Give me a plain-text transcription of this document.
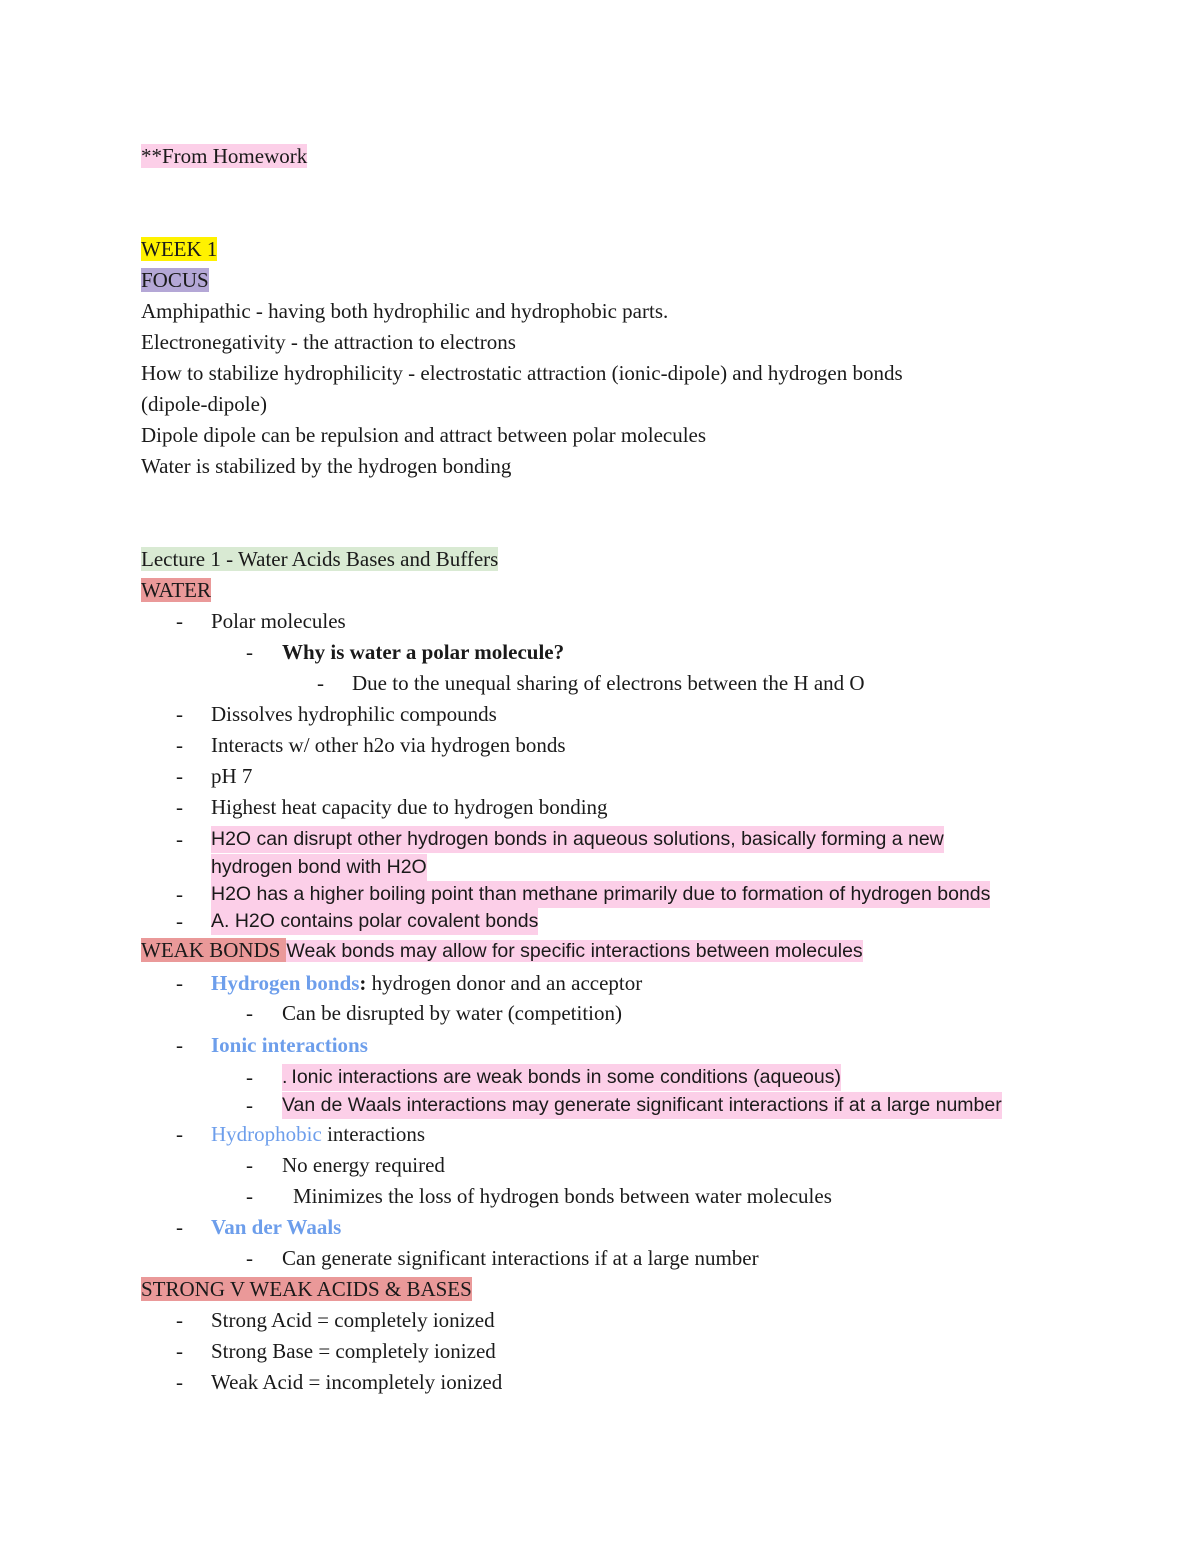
**From Homework
WEEK 1
FOCUS
Amphipathic - having both hydrophilic and hydrophobic parts.
Electronegativity - the attraction to electrons
How to stabilize hydrophilicity - electrostatic attraction (ionic-dipole) and hydrogen bonds
(dipole-dipole)
Dipole dipole can be repulsion and attract between polar molecules
Water is stabilized by the hydrogen bonding
Lecture 1 - Water Acids Bases and Buffers
WATER
- Polar molecules
- Why is water a polar molecule?
- Due to the unequal sharing of electrons between the H and O
- Dissolves hydrophilic compounds
- Interacts w/ other h2o via hydrogen bonds
- pH 7
- Highest heat capacity due to hydrogen bonding
- H2O can disrupt other hydrogen bonds in aqueous solutions, basically forming a new
hydrogen bond with H2O
- H2O has a higher boiling point than methane primarily due to formation of hydrogen bonds
- A. H2O contains polar covalent bonds
WEAK BONDS Weak bonds may allow for specific interactions between molecules
- Hydrogen bonds: hydrogen donor and an acceptor
- Can be disrupted by water (competition)
- Ionic interactions
- . Ionic interactions are weak bonds in some conditions (aqueous)
- Van de Waals interactions may generate significant interactions if at a large number
- Hydrophobic interactions
- No energy required
- Minimizes the loss of hydrogen bonds between water molecules
- Van der Waals
- Can generate significant interactions if at a large number
STRONG V WEAK ACIDS & BASES
- Strong Acid = completely ionized
- Strong Base = completely ionized
- Weak Acid = incompletely ionized
